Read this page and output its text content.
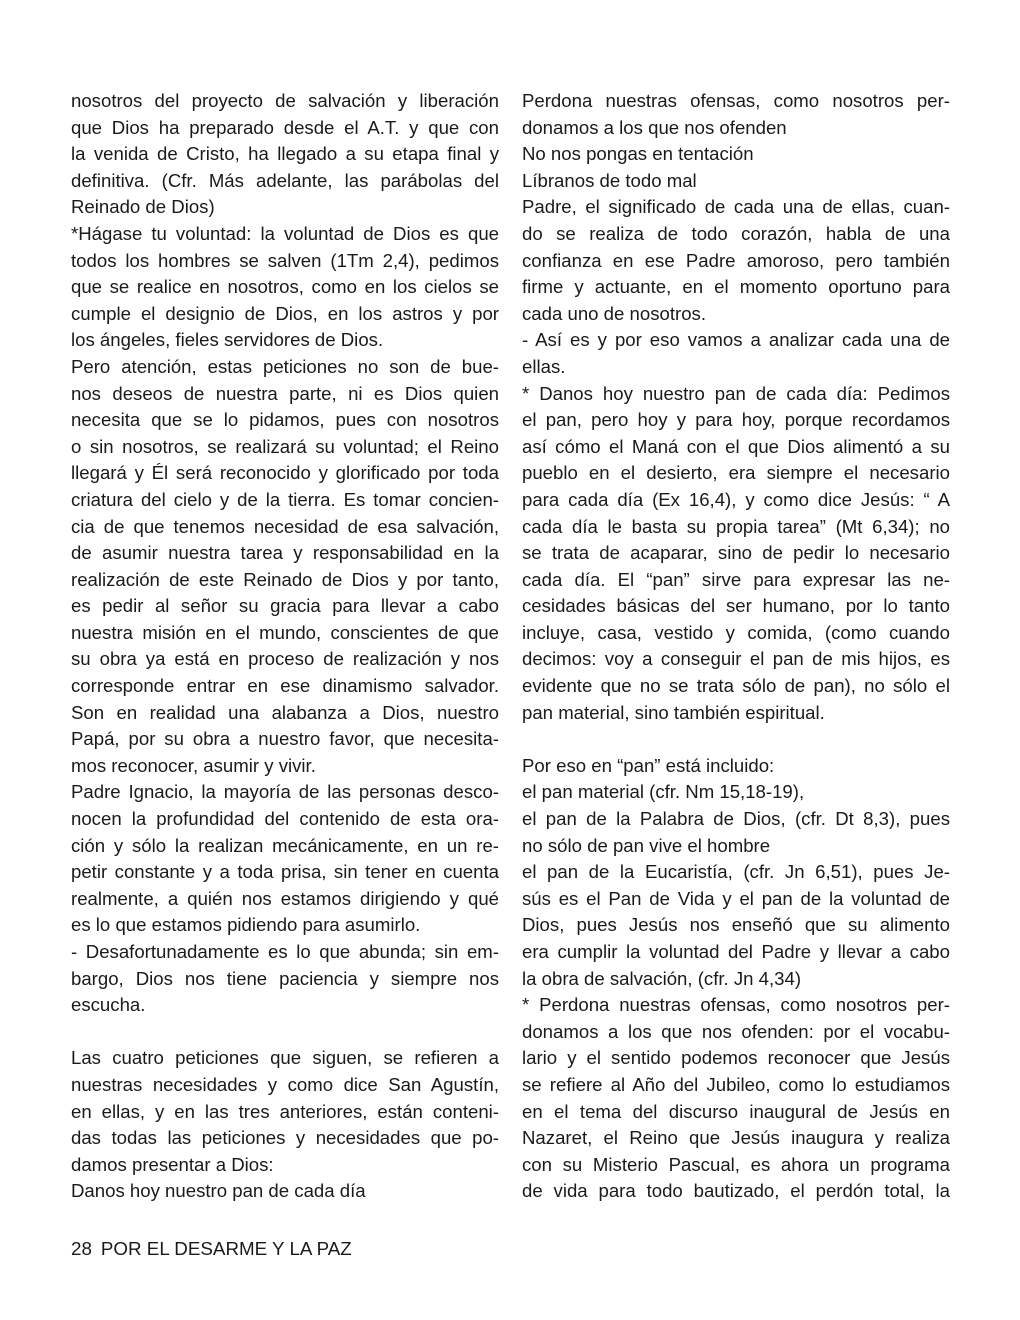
nosotros del proyecto de salvación y liberación
que Dios ha preparado desde el A.T. y que con
la venida de Cristo, ha llegado a su etapa final y
definitiva. (Cfr. Más adelante, las parábolas del
Reinado de Dios)
*Hágase tu voluntad: la voluntad de Dios es que
todos los hombres se salven (1Tm 2,4), pedimos
que se realice en nosotros, como en los cielos se
cumple el designio de Dios, en los astros y por
los ángeles, fieles servidores de Dios.
Pero atención, estas peticiones no son de bue-
nos deseos de nuestra parte, ni es Dios quien
necesita que se lo pidamos, pues con nosotros
o sin nosotros, se realizará su voluntad; el Reino
llegará y Él será reconocido y glorificado por toda
criatura del cielo y de la tierra. Es tomar concien-
cia de que tenemos necesidad de esa salvación,
de asumir nuestra tarea y responsabilidad en la
realización de este Reinado de Dios y por tanto,
es pedir al señor su gracia para llevar a cabo
nuestra misión en el mundo, conscientes de que
su obra ya está en proceso de realización y nos
corresponde entrar en ese dinamismo salvador.
Son en realidad una alabanza a Dios, nuestro
Papá, por su obra a nuestro favor, que necesita-
mos reconocer, asumir y vivir.
Padre Ignacio, la mayoría de las personas desco-
nocen la profundidad del contenido de esta ora-
ción y sólo la realizan mecánicamente, en un re-
petir constante y a toda prisa, sin tener en cuenta
realmente, a quién nos estamos dirigiendo y qué
es lo que estamos pidiendo para asumirlo.
- Desafortunadamente es lo que abunda; sin em-
bargo, Dios nos tiene paciencia y siempre nos
escucha.
Las cuatro peticiones que siguen, se refieren a
nuestras necesidades y como dice San Agustín,
en ellas, y en las tres anteriores, están conteni-
das todas las peticiones y necesidades que po-
damos presentar a Dios:
Danos hoy nuestro pan de cada día
Perdona nuestras ofensas, como nosotros per-
donamos a los que nos ofenden
No nos pongas en tentación
Líbranos de todo mal
Padre, el significado de cada una de ellas, cuan-
do se realiza de todo corazón, habla de una
confianza en ese Padre amoroso, pero también
firme y actuante, en el momento oportuno para
cada uno de nosotros.
- Así es y por eso vamos a analizar cada una de
ellas.
* Danos hoy nuestro pan de cada día: Pedimos
el pan, pero hoy y para hoy, porque recordamos
así cómo el Maná con el que Dios alimentó a su
pueblo en el desierto, era siempre el necesario
para cada día (Ex 16,4), y como dice Jesús: “ A
cada día le basta su propia tarea” (Mt 6,34); no
se trata de acaparar, sino de pedir lo necesario
cada día. El “pan” sirve para expresar las ne-
cesidades básicas del ser humano, por lo tanto
incluye, casa, vestido y comida, (como cuando
decimos: voy a conseguir el pan de mis hijos, es
evidente que no se trata sólo de pan), no sólo el
pan material, sino también espiritual.
Por eso en “pan” está incluido:
el pan material (cfr. Nm 15,18-19),
el pan de la Palabra de Dios, (cfr. Dt 8,3), pues
no sólo de pan vive el hombre
el pan de la Eucaristía, (cfr. Jn 6,51), pues Je-
sús es el Pan de Vida y el pan de la voluntad de
Dios, pues Jesús nos enseñó que su alimento
era cumplir la voluntad del Padre y llevar a cabo
la obra de salvación, (cfr. Jn 4,34)
* Perdona nuestras ofensas, como nosotros per-
donamos a los que nos ofenden: por el vocabu-
lario y el sentido podemos reconocer que Jesús
se refiere al Año del Jubileo, como lo estudiamos
en el tema del discurso inaugural de Jesús en
Nazaret, el Reino que Jesús inaugura y realiza
con su Misterio Pascual, es ahora un programa
de vida para todo bautizado, el perdón total, la
28 POR EL DESARME Y LA PAZ
